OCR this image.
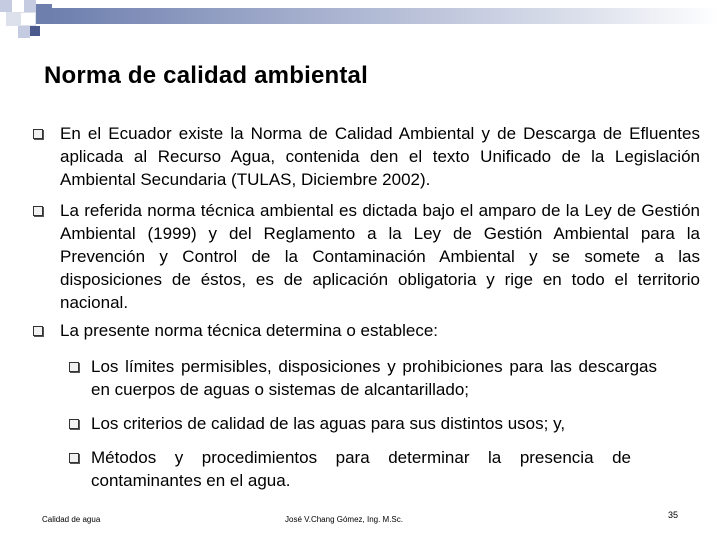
Norma de calidad ambiental
En el Ecuador existe la Norma de Calidad Ambiental y de Descarga de Efluentes aplicada al Recurso Agua, contenida den el texto Unificado de la Legislación Ambiental Secundaria (TULAS, Diciembre 2002).
La referida norma técnica ambiental es dictada bajo el amparo de la Ley de Gestión Ambiental (1999) y del Reglamento a la Ley de Gestión Ambiental para la Prevención y Control de la Contaminación Ambiental y se somete a las disposiciones de éstos, es de aplicación obligatoria y rige en todo el territorio nacional.
La presente norma técnica determina o establece:
Los límites permisibles, disposiciones y prohibiciones para las descargas en cuerpos de aguas o sistemas de alcantarillado;
Los criterios de calidad de las aguas para sus distintos usos; y,
Métodos y procedimientos para determinar la presencia de contaminantes en el agua.
Calidad de agua	José V.Chang Gómez, Ing. M.Sc.	35
